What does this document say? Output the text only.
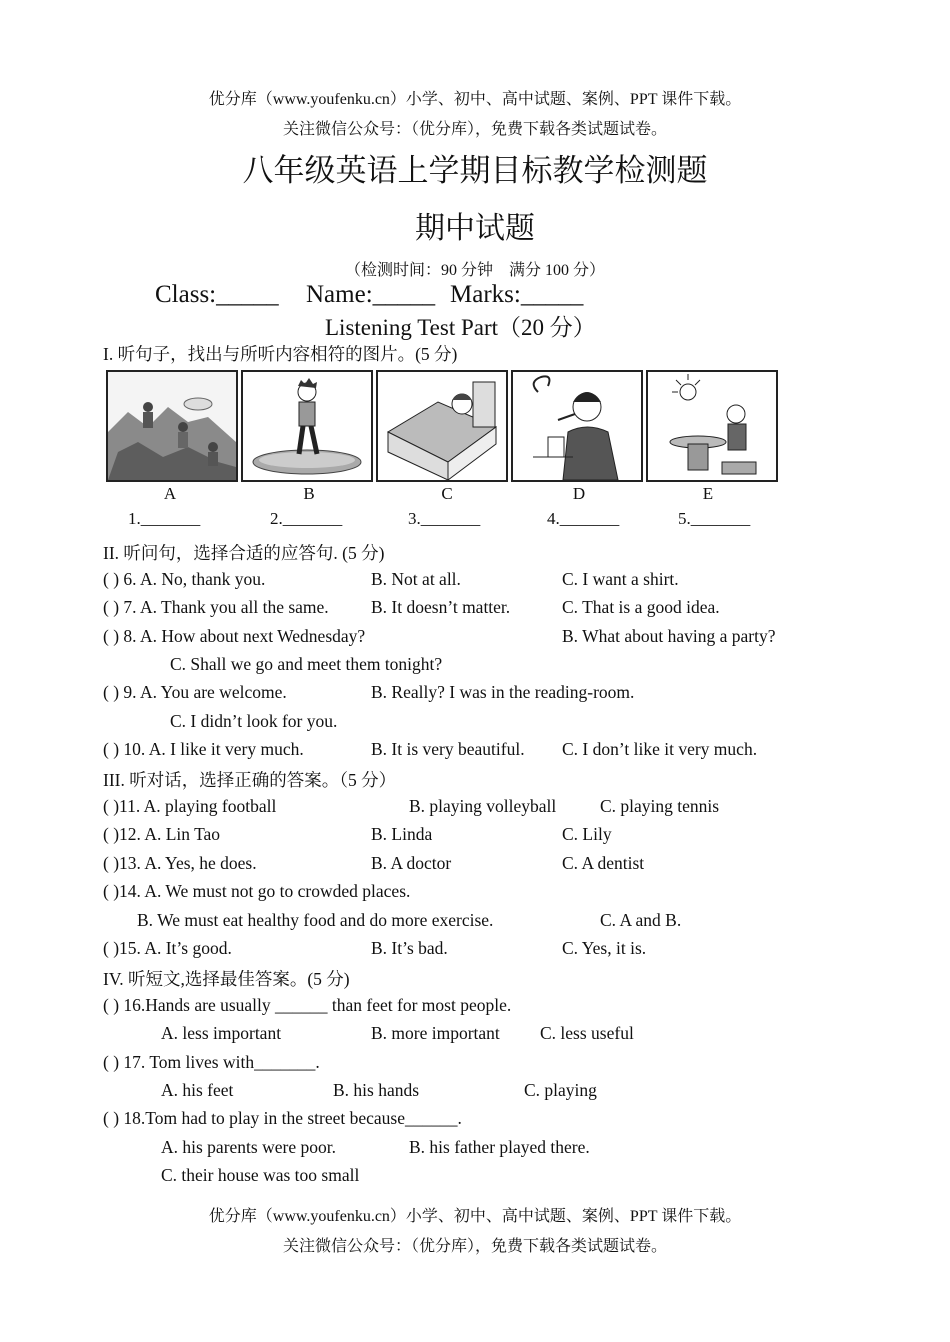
优分库（www.youfenku.cn）小学、初中、高中试题、案例、PPT 课件下载。
关注微信公众号：（优分库），免费下载各类试题试卷。
八年级英语上学期目标教学检测题
期中试题
（检测时间：90 分钟　满分 100 分）
Class:_____ Name:_____ Marks:_____
Listening Test Part（20 分）
I. 听句子，找出与所听内容相符的图片。(5 分)
A	B	C	D	E
1._______	2._______	3._______	4._______	5._______
II. 听问句，选择合适的应答句. (5 分)
( ) 6. A. No, thank you.	B. Not at all.	C. I want a shirt.
( ) 7. A. Thank you all the same. B. It doesn’t matter.	C. That is a good idea.
( ) 8. A. How about next Wednesday?	B. What about having a party?
C. Shall we go and meet them tonight?
( ) 9. A. You are welcome.	B. Really? I was in the reading-room.
C. I didn’t look for you.
( ) 10. A. I like it very much.	B. It is very beautiful. C. I don’t like it very much.
III. 听对话，选择正确的答案。（5 分）
( )11. A. playing football	B. playing volleyball C. playing tennis
( )12. A. Lin Tao	B. Linda	C. Lily
( )13. A. Yes, he does.	B. A doctor	C. A dentist
( )14. A. We must not go to crowded places.
B. We must eat healthy food and do more exercise.	C. A and B.
( )15. A. It’s good.	B. It’s bad.	C. Yes, it is.
IV. 听短文,选择最佳答案。(5 分)
( ) 16.Hands are usually ______ than feet for most people.
A. less important	B. more important C. less useful
( ) 17. Tom lives with_______.
A. his feet	B. his hands	C. playing
( ) 18.Tom had to play in the street because______.
A. his parents were poor.	B. his father played there.
C. their house was too small
优分库（www.youfenku.cn）小学、初中、高中试题、案例、PPT 课件下载。
关注微信公众号：（优分库），免费下载各类试题试卷。
